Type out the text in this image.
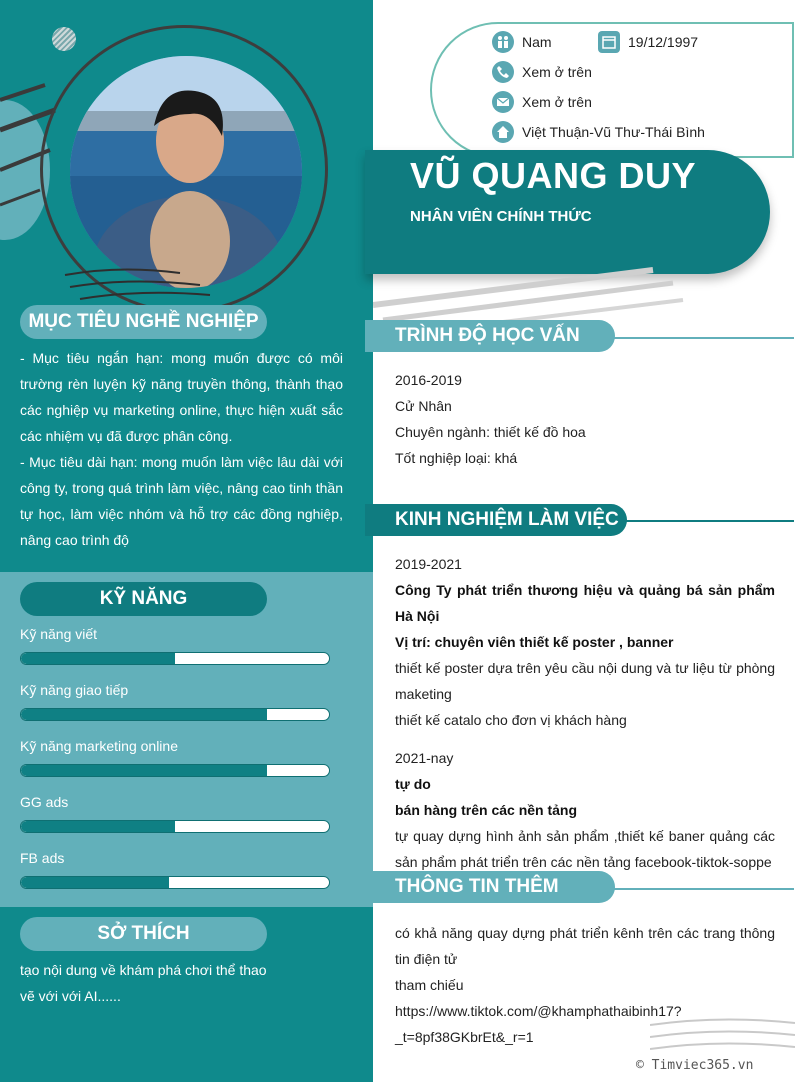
MỤC TIÊU NGHỀ NGHIỆP
- Mục tiêu ngắn hạn: mong muốn được có môi trường rèn luyện kỹ năng truyền thông, thành thạo các nghiệp vụ marketing online, thực hiện xuất sắc các nhiệm vụ đã được phân công.
- Mục tiêu dài hạn: mong muốn làm việc lâu dài với công ty, trong quá trình làm việc, nâng cao tinh thần tự học, làm việc nhóm và hỗ trợ các đồng nghiệp, nâng cao trình độ
KỸ NĂNG
Kỹ năng viết
Kỹ năng giao tiếp
Kỹ năng marketing online
GG ads
FB ads
SỞ THÍCH
tạo nội dung về khám phá chơi thể thao
vẽ với với AI......
Nam	19/12/1997
Xem ở trên
Xem ở trên
Việt Thuận-Vũ Thư-Thái Bình
VŨ QUANG DUY
NHÂN VIÊN CHÍNH THỨC
TRÌNH ĐỘ HỌC VẤN
2016-2019
Cử Nhân
Chuyên ngành: thiết kế đồ hoa
Tốt nghiệp loại: khá
KINH NGHIỆM LÀM VIỆC
2019-2021
Công Ty phát triển thương hiệu và quảng bá sản phẩm Hà Nội
Vị trí: chuyên viên thiết kế poster , banner
thiết kế poster dựa trên yêu cầu nội dung và tư liệu từ phòng maketing
thiết kế catalo cho đơn vị khách hàng
2021-nay
tự do
bán hàng trên các nền tảng
tự quay dựng hình ảnh sản phẩm ,thiết kế baner quảng các sản phẩm phát triển trên các nền tảng facebook-tiktok-soppe
THÔNG TIN THÊM
có khả năng quay dựng phát triển kênh trên các trang thông tin điện tử
tham chiếu
https://www.tiktok.com/@khamphathaibinh17?
_t=8pf38GKbrEt&_r=1
© Timviec365.vn
